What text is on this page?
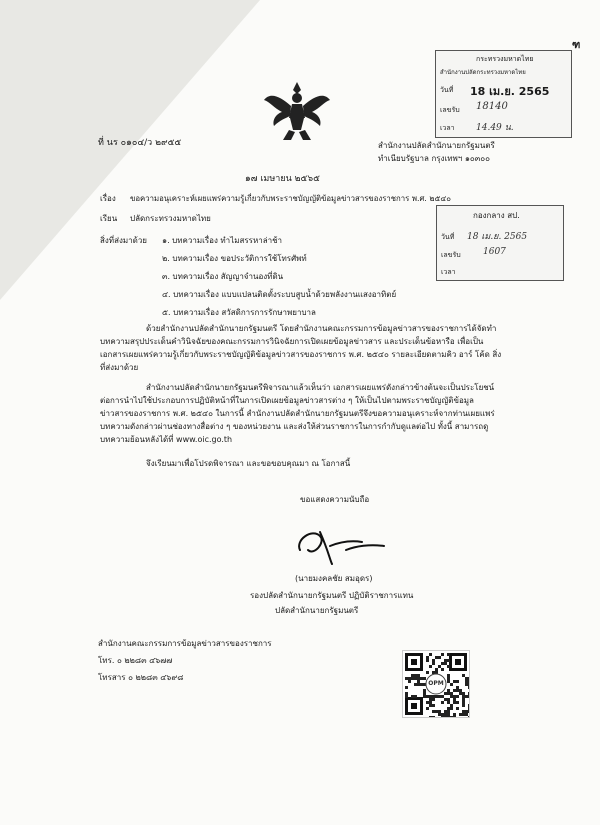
ฑ
กระทรวงมหาดไทย
สำนักงานปลัดกระทรวงมหาดไทย
วันที่ 18 เม.ย. 2565
เลขรับ 18140
เวลา 14.49 น.
ที่ นร ๐๑๐๔/ว ๒๙๕๕	สำนักงานปลัดสำนักนายกรัฐมนตรี
ทำเนียบรัฐบาล กรุงเทพฯ ๑๐๓๐๐
๑๗ เมษายน ๒๕๖๕
เรื่อง ขอความอนุเคราะห์เผยแพร่ความรู้เกี่ยวกับพระราชบัญญัติข้อมูลข่าวสารของราชการ พ.ศ. ๒๕๔๐
กองกลาง สป.
วันที่ 18 เม.ย. 2565
เลขรับ 1607
เวลา
เรียน ปลัดกระทรวงมหาดไทย
สิ่งที่ส่งมาด้วย ๑. บทความเรื่อง ทำไมสรรหาล่าช้า
๒. บทความเรื่อง ขอประวัติการใช้โทรศัพท์
๓. บทความเรื่อง สัญญาจำนองที่ดิน
๔. บทความเรื่อง แบบแปลนติดตั้งระบบสูบน้ำด้วยพลังงานแสงอาทิตย์
๕. บทความเรื่อง สวัสดิการการรักษาพยาบาล
ด้วยสำนักงานปลัดสำนักนายกรัฐมนตรี โดยสำนักงานคณะกรรมการข้อมูลข่าวสารของราชการได้จัดทำบทความสรุปประเด็นคำวินิจฉัยของคณะกรรมการวินิจฉัยการเปิดเผยข้อมูลข่าวสาร และประเด็นข้อหารือ เพื่อเป็นเอกสารเผยแพร่ความรู้เกี่ยวกับพระราชบัญญัติข้อมูลข่าวสารของราชการ พ.ศ. ๒๕๔๐ รายละเอียดตามคิว อาร์ โค้ด สิ่งที่ส่งมาด้วย
สำนักงานปลัดสำนักนายกรัฐมนตรีพิจารณาแล้วเห็นว่า เอกสารเผยแพร่ดังกล่าวข้างต้นจะเป็นประโยชน์ต่อการนำไปใช้ประกอบการปฏิบัติหน้าที่ในการเปิดเผยข้อมูลข่าวสารต่าง ๆ ให้เป็นไปตามพระราชบัญญัติข้อมูลข่าวสารของราชการ พ.ศ. ๒๕๔๐ ในการนี้ สำนักงานปลัดสำนักนายกรัฐมนตรีจึงขอความอนุเคราะห์จากท่านเผยแพร่บทความดังกล่าวผ่านช่องทางสื่อต่าง ๆ ของหน่วยงาน และส่งให้ส่วนราชการในการกำกับดูแลต่อไป ทั้งนี้ สามารถดูบทความย้อนหลังได้ที่ www.oic.go.th
จึงเรียนมาเพื่อโปรดพิจารณา และขอขอบคุณมา ณ โอกาสนี้
ขอแสดงความนับถือ
(นายมงคลชัย สมอุดร)
รองปลัดสำนักนายกรัฐมนตรี ปฏิบัติราชการแทน
ปลัดสำนักนายกรัฐมนตรี
สำนักงานคณะกรรมการข้อมูลข่าวสารของราชการ
โทร. ๐ ๒๒๘๓ ๔๖๗๗
โทรสาร ๐ ๒๒๘๓ ๔๖๙๘
OPM
